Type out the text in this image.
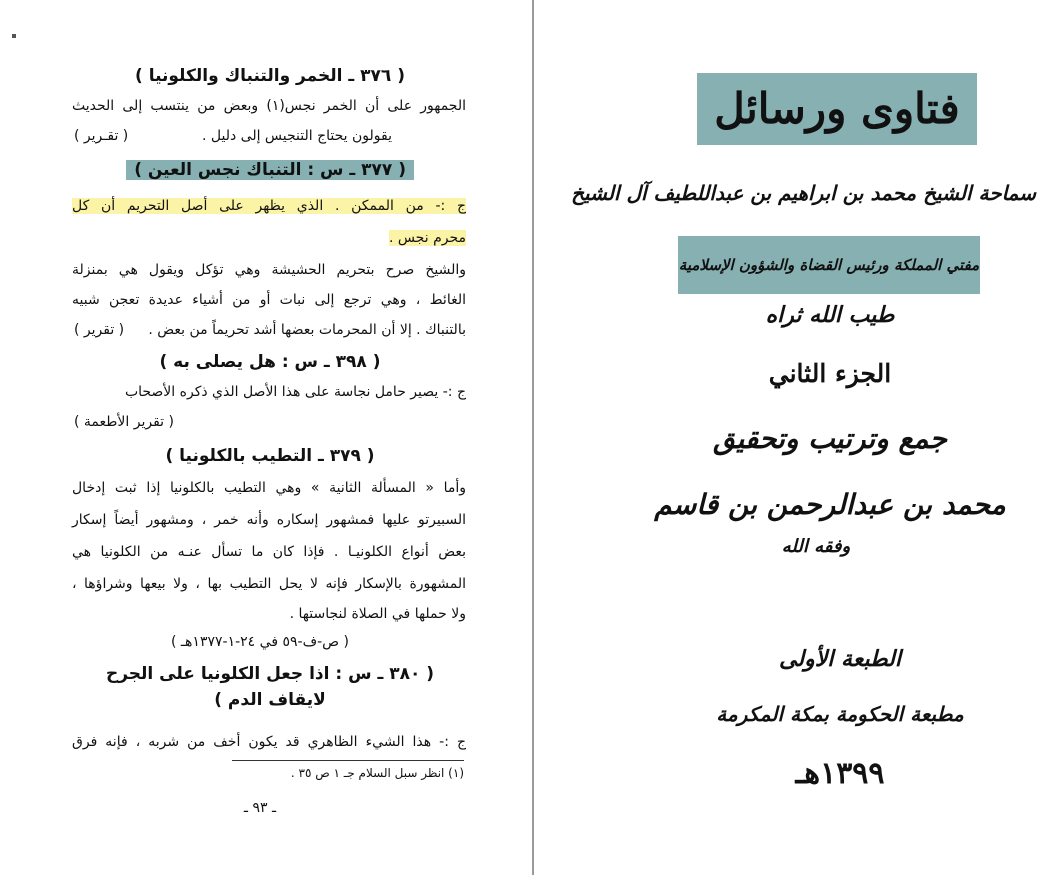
( ٣٧٦ ـ الخمر والتنباك والكلونيا )
الجمهور على أن الخمر نجس(١) وبعض من ينتسب إلى الحديث
يقولون يحتاج التنجيس إلى دليل .
( تقـرير )
( ٣٧٧ ـ س : التنباك نجس العين )
ج :- من الممكن . الذي يظهر على أصل التحريم أن كل
محرم نجس .
والشيخ صرح بتحريم الحشيشة وهي تؤكل ويقول هي بمنزلة
الغائط ، وهي ترجع إلى نبات أو من أشياء عديدة تعجن شبيه
بالتنباك . إلا أن المحرمات بعضها أشد تحريماً من بعض .
( تقرير )
( ٣٩٨ ـ س : هل يصلى به )
ج :- يصير حامل نجاسة على هذا الأصل الذي ذكره الأصحاب
( تقرير الأطعمة )
( ٣٧٩ ـ التطيب بالكلونيا )
وأما « المسألة الثانية » وهي التطيب بالكلونيا إذا ثبت إدخال
السبيرتو عليها فمشهور إسكاره وأنه خمر ، ومشهور أيضاً إسكار
بعض أنواع الكلونيـا . فإذا كان ما تسأل عنـه من الكلونيا هي
المشهورة بالإسكار فإنه لا يحل التطيب بها ، ولا بيعها وشراؤها ،
ولا حملها في الصلاة لنجاستها .
( ص-ف-٥٩ في ٢٤-١-١٣٧٧هـ )
( ٣٨٠ ـ س : اذا جعل الكلونيا على الجرح
لايقاف الدم )
ج :- هذا الشيء الظاهري قد يكون أخف من شربه ، فإنه فرق
(١) انظر سبل السلام جـ ١ ص ٣٥ .
ـ ٩٣ ـ
فتاوى ورسائل
سماحة الشيخ محمد بن ابراهيم بن عبداللطيف آل الشيخ
مفتي المملكة ورئيس القضاة والشؤون الإسلامية
طيب الله ثراه
الجزء الثاني
جمع وترتيب وتحقيق
محمد بن عبدالرحمن بن قاسم
وفقه الله
الطبعة الأولى
مطبعة الحكومة بمكة المكرمة
١٣٩٩هـ
